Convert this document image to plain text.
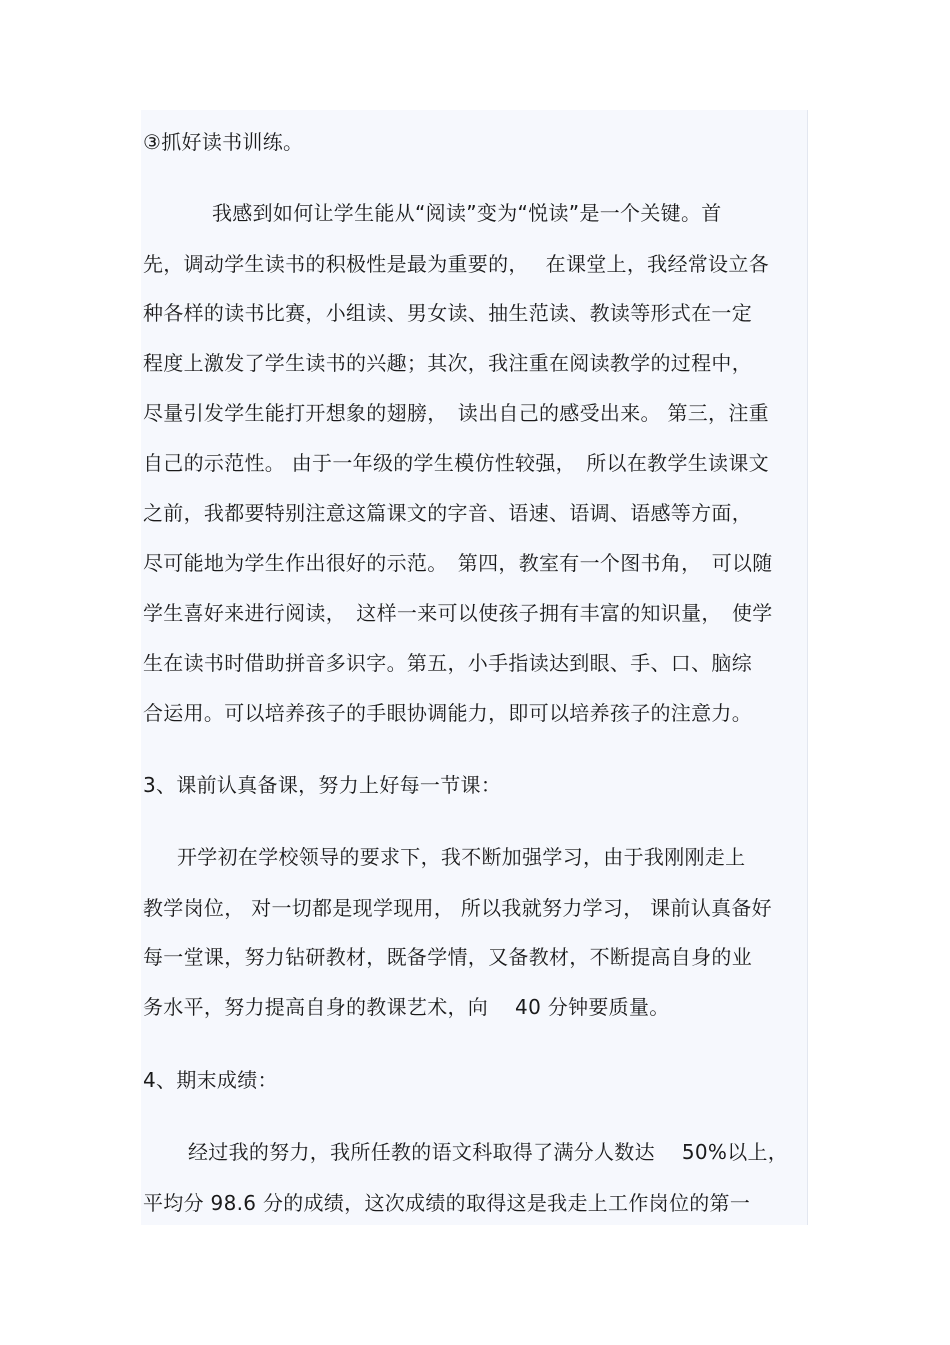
③抓好读书训练。
我感到如何让学生能从“阅读”变为“悦读”是一个关键。首
先，调动学生读书的积极性是最为重要的，　 在课堂上，我经常设立各
种各样的读书比赛，小组读、男女读、抽生范读、教读等形式在一定
程度上激发了学生读书的兴趣；其次，我注重在阅读教学的过程中，
尽量引发学生能打开想象的翅膀，　读出自己的感受出来。 第三，注重
自己的示范性。 由于一年级的学生模仿性较强，　所以在教学生读课文
之前，我都要特别注意这篇课文的字音、语速、语调、语感等方面，
尽可能地为学生作出很好的示范。　第四，教室有一个图书角，　可以随
学生喜好来进行阅读，　这样一来可以使孩子拥有丰富的知识量，　使学
生在读书时借助拼音多识字。第五，小手指读达到眼、手、口、脑综
合运用。可以培养孩子的手眼协调能力，即可以培养孩子的注意力。
3、课前认真备课，努力上好每一节课：
开学初在学校领导的要求下，我不断加强学习，由于我刚刚走上
教学岗位， 对一切都是现学现用， 所以我就努力学习， 课前认真备好
每一堂课，努力钻研教材，既备学情，又备教材，不断提高自身的业
务水平，努力提高自身的教课艺术，向　 40 分钟要质量。
4、期末成绩：
经过我的努力，我所任教的语文科取得了满分人数达　 50%以上，
平均分 98.6 分的成绩，这次成绩的取得这是我走上工作岗位的第一
